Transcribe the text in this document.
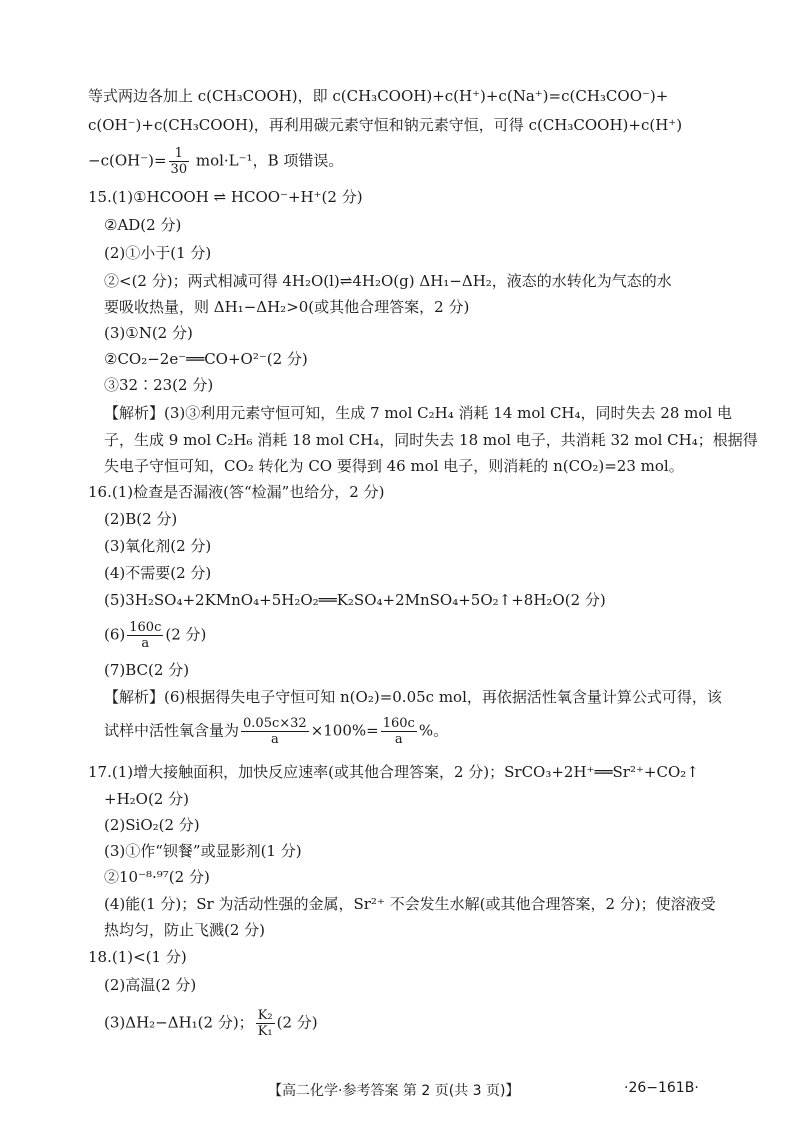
等式两边各加上 c(CH₃COOH)，即 c(CH₃COOH)+c(H⁺)+c(Na⁺)=c(CH₃COO⁻)+
c(OH⁻)+c(CH₃COOH)，再利用碳元素守恒和钠元素守恒，可得 c(CH₃COOH)+c(H⁺)
$-c(OH^-)= \frac{1}{30} mol\cdot L^{-1}$，B 项错误。
15.(1)①HCOOH ⇌ HCOO⁻+H⁺(2 分)
②AD(2 分)
(2)①小于(1 分)
②<(2 分)；两式相减可得 4H₂O(l)⇌4H₂O(g) ΔH₁−ΔH₂，液态的水转化为气态的水
要吸收热量，则 ΔH₁−ΔH₂>0(或其他合理答案，2 分)
(3)①N(2 分)
②CO₂−2e⁻══CO+O²⁻(2 分)
③32∶23(2 分)
【解析】(3)③利用元素守恒可知，生成 7 mol C₂H₄ 消耗 14 mol CH₄，同时失去 28 mol 电
子，生成 9 mol C₂H₆ 消耗 18 mol CH₄，同时失去 18 mol 电子，共消耗 32 mol CH₄；根据得
失电子守恒可知，CO₂ 转化为 CO 要得到 46 mol 电子，则消耗的 n(CO₂)=23 mol。
16.(1)检查是否漏液(答“检漏”也给分，2 分)
(2)B(2 分)
(3)氧化剂(2 分)
(4)不需要(2 分)
(5)3H₂SO₄+2KMnO₄+5H₂O₂══K₂SO₄+2MnSO₄+5O₂↑+8H₂O(2 分)
$(6) \frac{160c}{a} (2$ 分)
(7)BC(2 分)
【解析】(6)根据得失电子守恒可知 n(O₂)=0.05c mol，再依据活性氧含量计算公式可得，该
试样中活性氧含量为 $\frac{0.05c\times 32}{a} \times 100\%= \frac{160c}{a}$ %。
17.(1)增大接触面积，加快反应速率(或其他合理答案，2 分)；SrCO₃+2H⁺══Sr²⁺+CO₂↑
+H₂O(2 分)
(2)SiO₂(2 分)
(3)①作“钡餐”或显影剂(1 分)
②10⁻⁸·⁹⁷(2 分)
(4)能(1 分)；Sr 为活动性强的金属，Sr²⁺ 不会发生水解(或其他合理答案，2 分)；使溶液受
热均匀，防止飞溅(2 分)
18.(1)<(1 分)
(2)高温(2 分)
(3)ΔH₂−ΔH₁(2 分)； $\frac{\text{K₂}}{\text{K₁}} (2$ 分)
【高二化学·参考答案 第 2 页(共 3 页)】	·26−161B·
